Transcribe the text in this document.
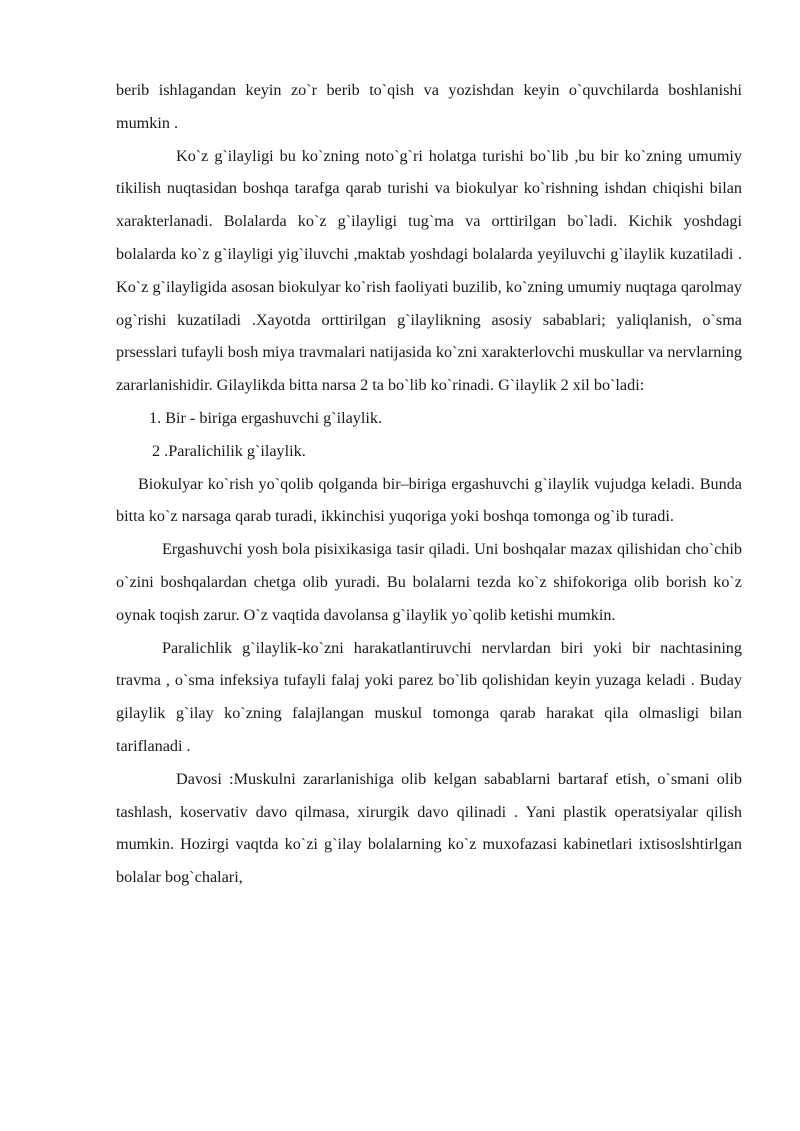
berib ishlagandan keyin zo`r berib to`qish va yozishdan keyin o`quvchilarda boshlanishi mumkin .

Ko`z g`ilayligi bu ko`zning noto`g`ri holatga turishi bo`lib ,bu bir ko`zning umumiy tikilish nuqtasidan boshqa tarafga qarab turishi va biokulyar ko`rishning ishdan chiqishi bilan xarakterlanadi. Bolalarda ko`z g`ilayligi tug`ma va orttirilgan bo`ladi. Kichik yoshdagi bolalarda ko`z g`ilayligi yig`iluvchi ,maktab yoshdagi bolalarda yeyiluvchi g`ilaylik kuzatiladi . Ko`z g`ilayligida asosan biokulyar ko`rish faoliyati buzilib, ko`zning umumiy nuqtaga qarolmay og`rishi kuzatiladi .Xayotda orttirilgan g`ilaylikning asosiy sabablari; yaliqlanish, o`sma prsesslari tufayli bosh miya travmalari natijasida ko`zni xarakterlovchi muskullar va nervlarning zararlanishidir. Gilaylikda bitta narsa 2 ta bo`lib ko`rinadi. G`ilaylik 2 xil bo`ladi:

1. Bir - biriga ergashuvchi g`ilaylik.

2 .Paralichilik g`ilaylik.

Biokulyar ko`rish yo`qolib qolganda bir–biriga ergashuvchi g`ilaylik vujudga keladi. Bunda bitta ko`z narsaga qarab turadi, ikkinchisi yuqoriga yoki boshqa tomonga og`ib turadi.

Ergashuvchi yosh bola pisixikasiga tasir qiladi. Uni boshqalar mazax qilishidan cho`chib o`zini boshqalardan chetga olib yuradi. Bu bolalarni tezda ko`z shifokoriga olib borish ko`z oynak toqish zarur. O`z vaqtida davolansa g`ilaylik yo`qolib ketishi mumkin.

Paralichlik g`ilaylik-ko`zni harakatlantiruvchi nervlardan biri yoki bir nachtasining travma , o`sma infeksiya tufayli falaj yoki parez bo`lib qolishidan keyin yuzaga keladi . Buday gilaylik g`ilay ko`zning falajlangan muskul tomonga qarab harakat qila olmasligi bilan tariflanadi .

Davosi :Muskulni zararlanishiga olib kelgan sabablarni bartaraf etish, o`smani olib tashlash, koservativ davo qilmasa, xirurgik davo qilinadi . Yani plastik operatsiyalar qilish mumkin. Hozirgi vaqtda ko`zi g`ilay bolalarning ko`z muxofazasi kabinetlari ixtisoslshtirlgan bolalar bog`chalari,
